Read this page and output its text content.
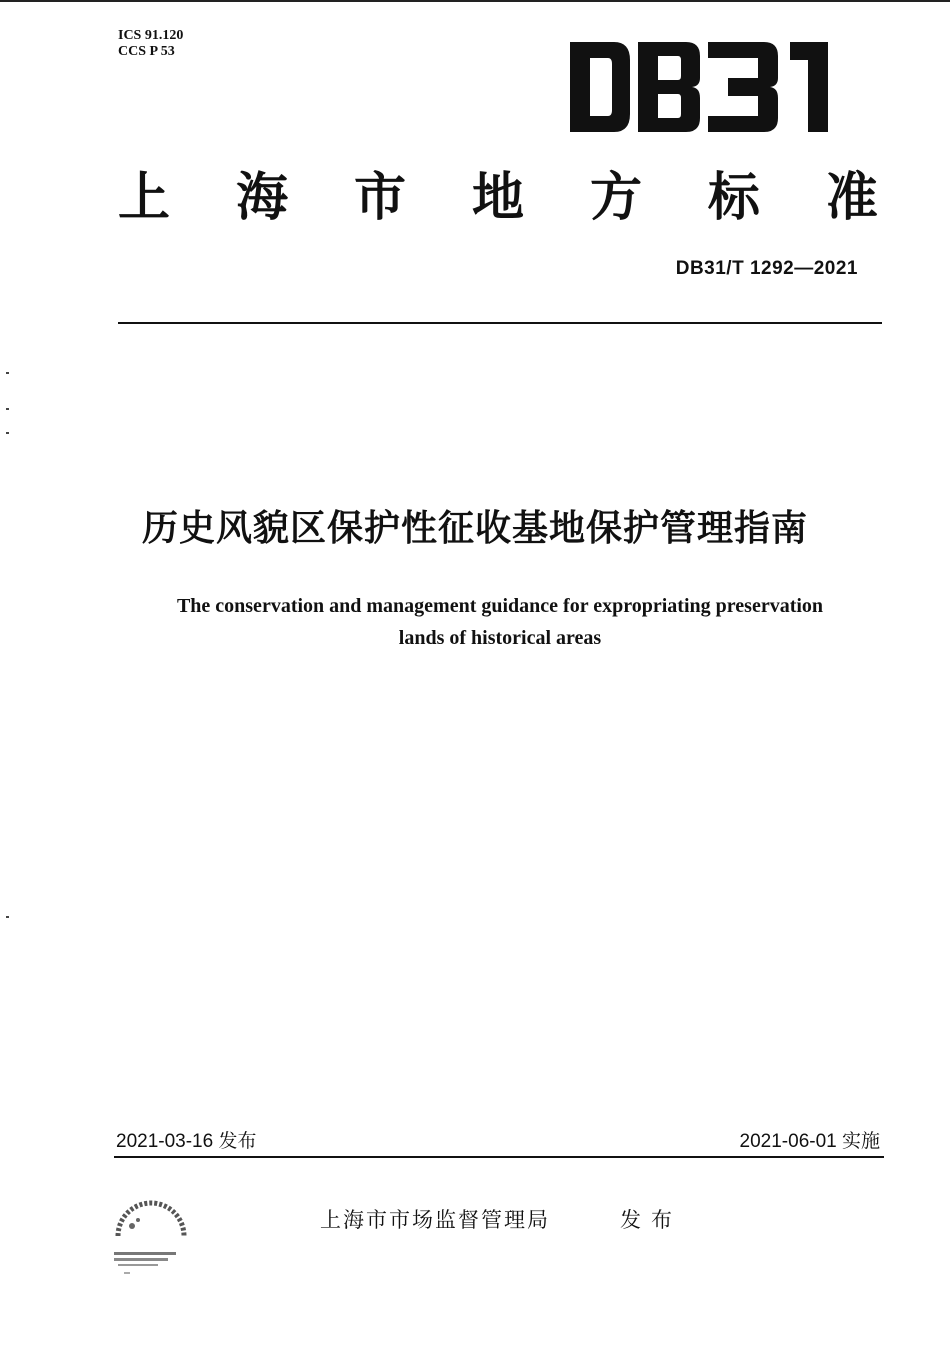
ICS 91.120
CCS P 53
DB31
上 海 市 地 方 标 准
DB31/T 1292—2021
历史风貌区保护性征收基地保护管理指南
The conservation and management guidance for expropriating preservation
lands of historical areas
2021-03-16 发布	2021-06-01 实施
上海市市场监督管理局	发布
